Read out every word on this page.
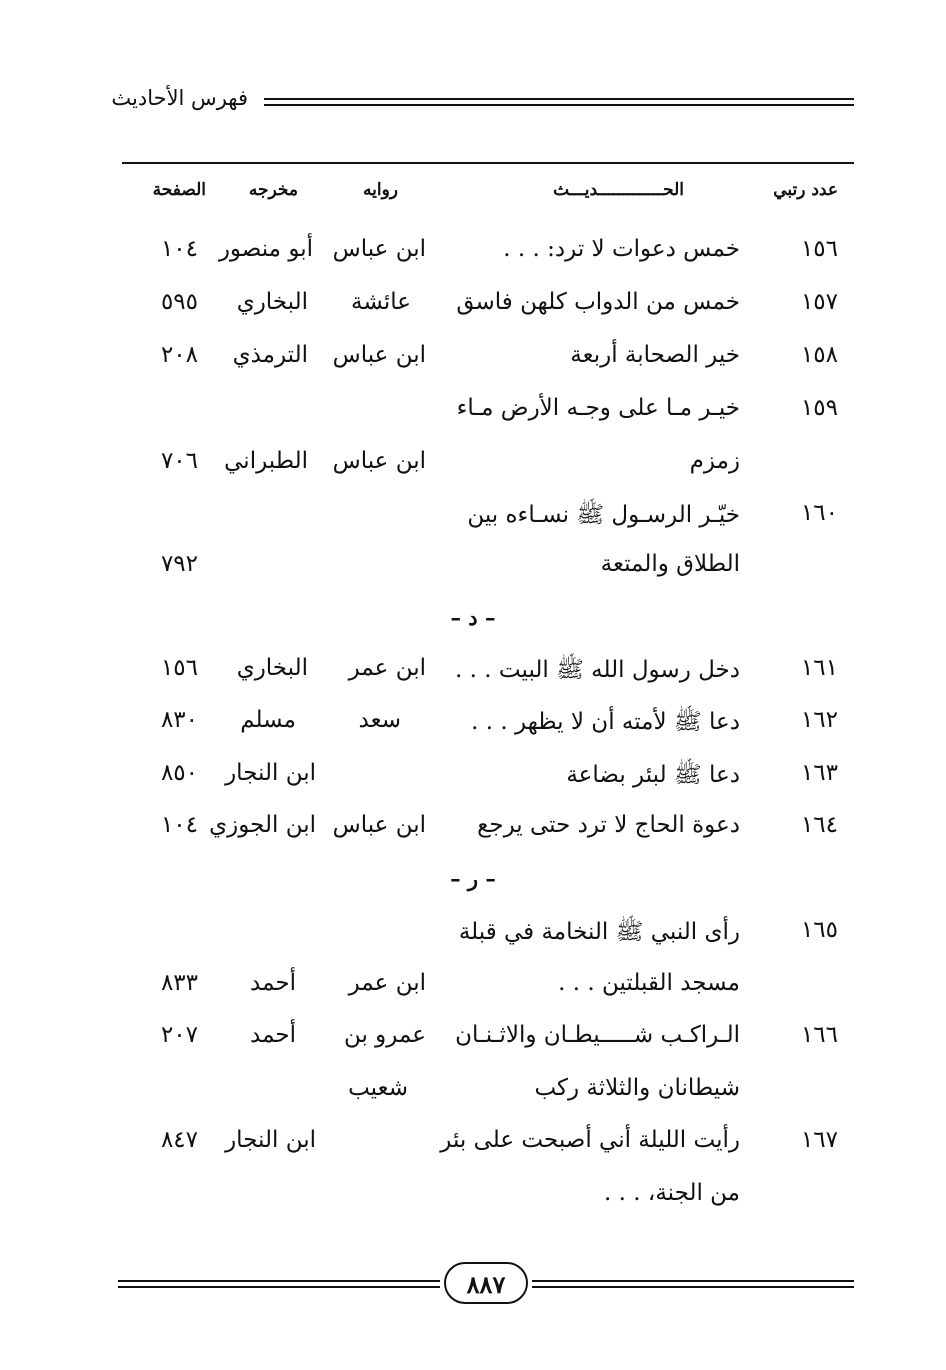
فهرس الأحاديث
عدد رتبي
الحـــــــــــــديـــث
روايه
مخرجه
الصفحة
١٥٦
خمس دعوات لا ترد: . . .
ابن عباس
أبو منصور
١٠٤
١٥٧
خمس من الدواب كلهن فاسق
عائشة
البخاري
٥٩٥
١٥٨
خير الصحابة أربعة
ابن عباس
الترمذي
٢٠٨
١٥٩
خيـر مـا على وجـه الأرض مـاء
زمزم
ابن عباس
الطبراني
٧٠٦
١٦٠
خيّـر الرسـول ﷺ نسـاءه بين
الطلاق والمتعة
٧٩٢
– د –
١٦١
دخل رسول الله ﷺ البيت . . .
ابن عمر
البخاري
١٥٦
١٦٢
دعا ﷺ لأمته أن لا يظهر . . .
سعد
مسلم
٨٣٠
١٦٣
دعا ﷺ لبئر بضاعة
ابن النجار
٨٥٠
١٦٤
دعوة الحاج لا ترد حتى يرجع
ابن عباس
ابن الجوزي
١٠٤
– ر –
١٦٥
رأى النبي ﷺ النخامة في قبلة
مسجد القبلتين . . .
ابن عمر
أحمد
٨٣٣
١٦٦
الـراكـب شـــــيطـان والاثـنـان
شيطانان والثلاثة ركب
عمرو بن
شعيب
أحمد
٢٠٧
١٦٧
رأيت الليلة أني أصبحت على بئر
من الجنة، . . .
ابن النجار
٨٤٧
٨٨٧
